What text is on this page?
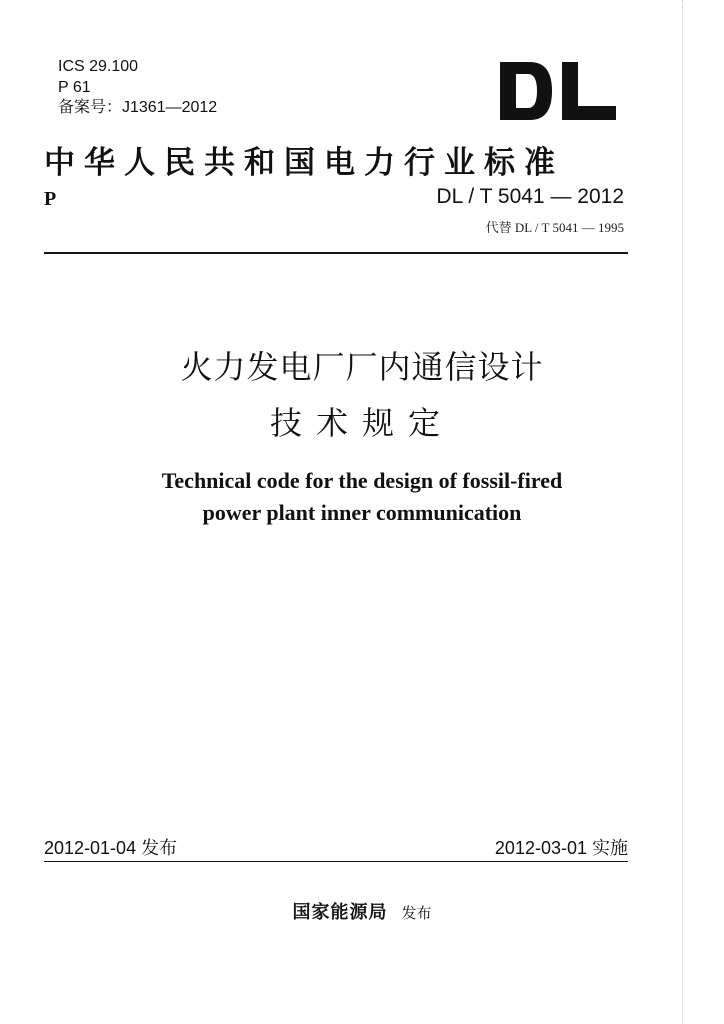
ICS 29.100
P 61
备案号：J1361—2012
中华人民共和国电力行业标准
P	DL / T 5041 — 2012
代替 DL / T 5041 — 1995
火力发电厂厂内通信设计
技术规定
Technical code for the design of fossil-fired
power plant inner communication
2012-01-04 发布	2012-03-01 实施
国家能源局 发布
